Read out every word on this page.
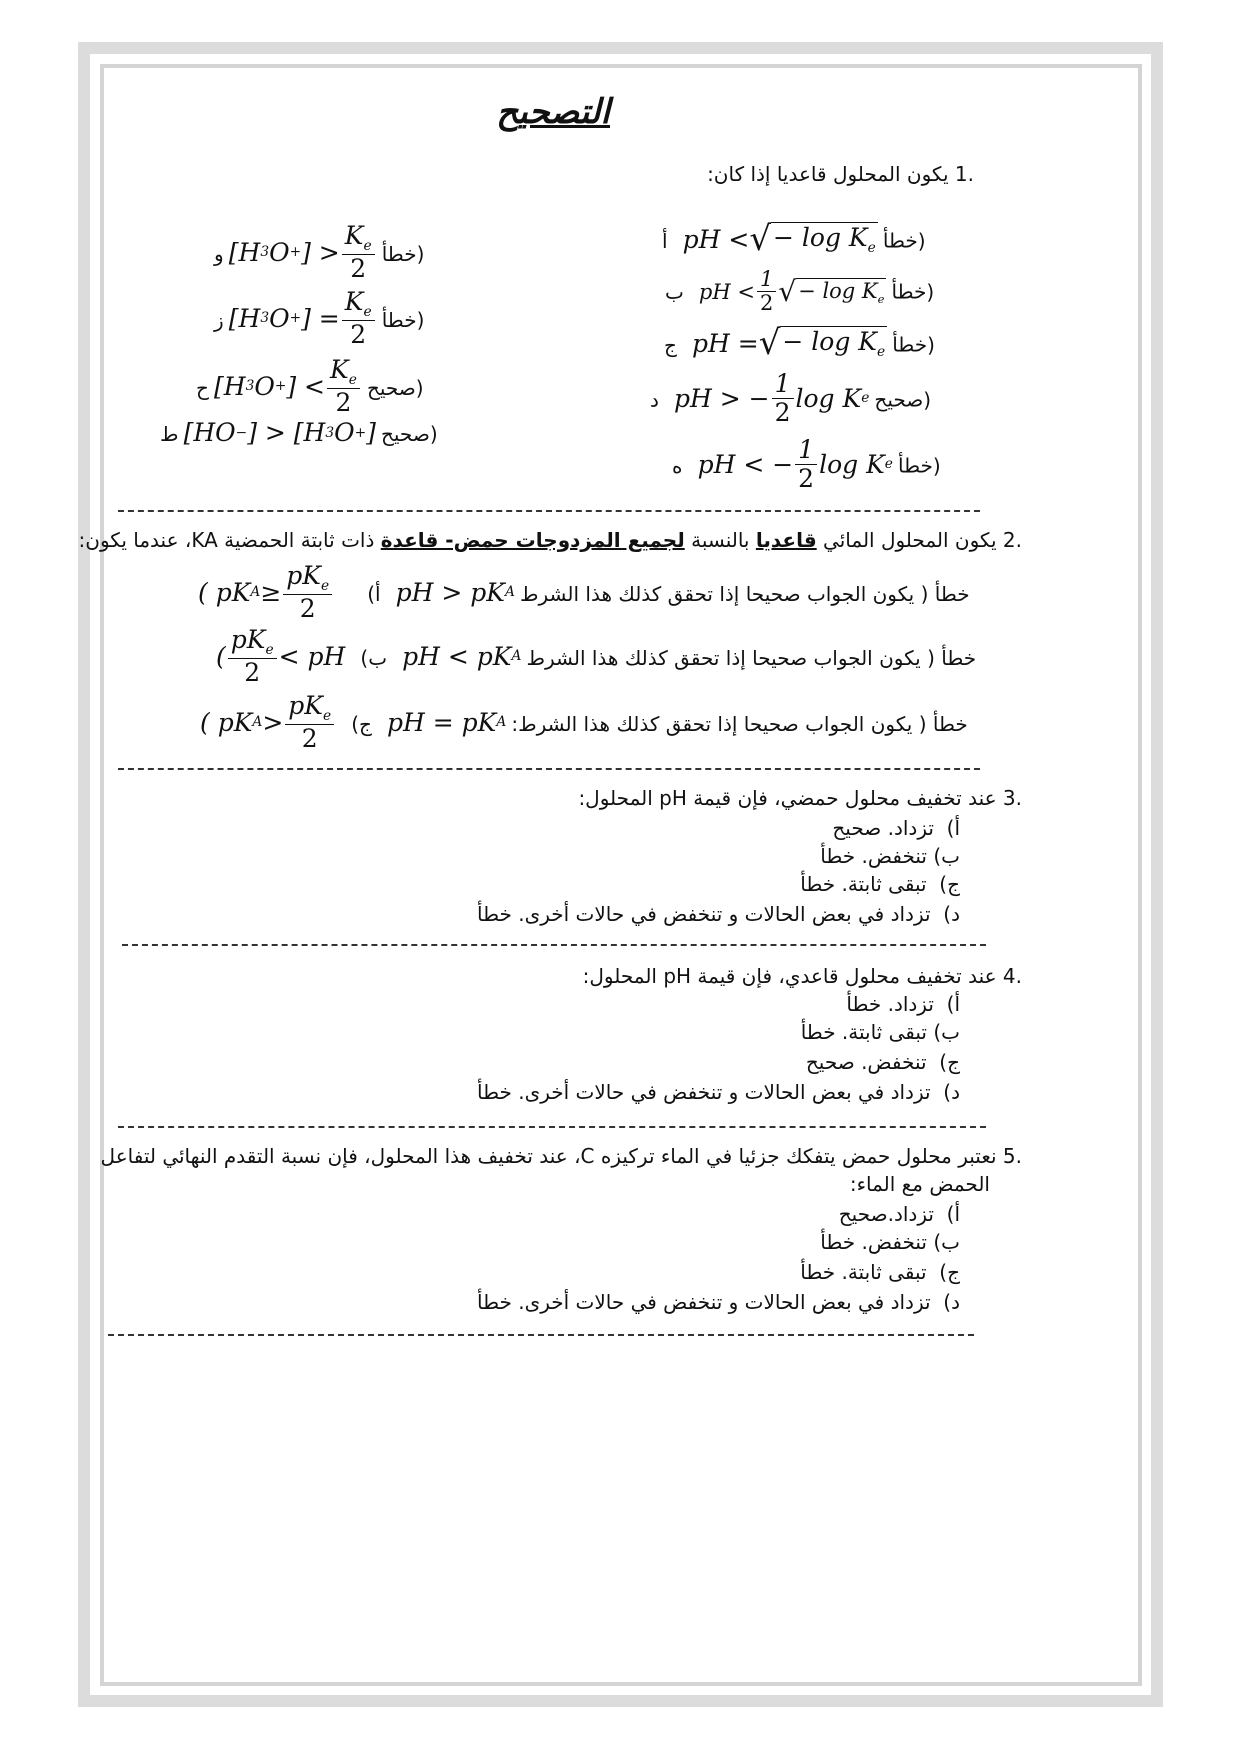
التصحيح
.1 يكون المحلول قاعديا إذا كان:
خطأ pH < √ − $\log K_e$
أ)
خطأ pH < $\frac{1}{2}$ √ − $\log K_e$
ب)
خطأ pH = √ − $\log K_e$
ج)
صحيح pH > − $\frac{1}{2}$ log K e
د)
خطأ pH < − $\frac{1}{2}$ log K e
ه)
خطأ [H 3 O + ] > $\frac{K_e}{2}$
و)
خطأ [H 3 O + ] = $\frac{K_e}{2}$
ز)
صحيح [H 3 O + ] < $\frac{K_e}{2}$
ح)
صحيح [HO − ] > [H 3 O + ] ط)
.2 يكون المحلول المائي قاعديا بالنسبة لجميع المزدوجات حمض- قاعدة ذات ثابتة الحمضية KA، عندما يكون:
( pK $A \ge \frac{pK_e}{2}$	خطأ ( يكون الجواب صحيحا إذا تحقق كذلك هذا الشرط pH > pK A
أ)
( $\frac{pK_e}{2}$ < pH	خطأ ( يكون الجواب صحيحا إذا تحقق كذلك هذا الشرط pH < pK A
ب)
( pK $A > \frac{pK_e}{2}$	خطأ ( يكون الجواب صحيحا إذا تحقق كذلك هذا الشرط: pH = pK A
ج)
.3 عند تخفيف محلول حمضي، فإن قيمة pH المحلول:
أ)  تزداد. صحيح
ب) تنخفض. خطأ
ج)  تبقى ثابتة. خطأ
د)  تزداد في بعض الحالات و تنخفض في حالات أخرى. خطأ
.4 عند تخفيف محلول قاعدي، فإن قيمة pH المحلول:
أ)  تزداد. خطأ
ب) تبقى ثابتة. خطأ
ج)  تنخفض. صحيح
د)  تزداد في بعض الحالات و تنخفض في حالات أخرى. خطأ
.5 نعتبر محلول حمض يتفكك جزئيا في الماء تركيزه C، عند تخفيف هذا المحلول، فإن نسبة التقدم النهائي لتفاعل
الحمض مع الماء:
أ)  تزداد.صحيح
ب) تنخفض. خطأ
ج)  تبقى ثابتة. خطأ
د)  تزداد في بعض الحالات و تنخفض في حالات أخرى. خطأ
